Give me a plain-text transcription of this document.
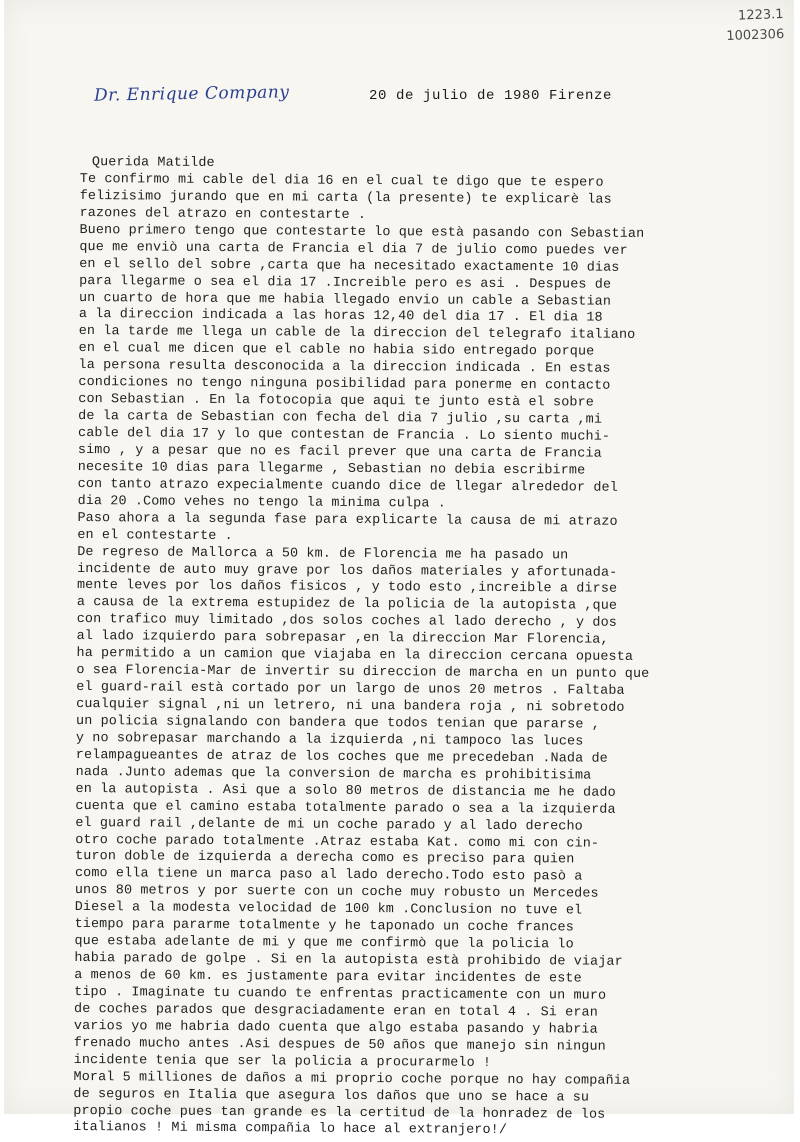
1223.1
1002306
Dr. Enrique Company	20 de julio de 1980 Firenze
Querida Matilde
Te confirmo mi cable del dia 16 en el cual te digo que te espero
felizisimo jurando que en mi carta (la presente) te explicarè las
razones del atrazo en contestarte .
Bueno primero tengo que contestarte lo que està pasando con Sebastian
que me enviò una carta de Francia el dia 7 de julio como puedes ver
en el sello del sobre ,carta que ha necesitado exactamente 10 dias
para llegarme o sea el dia 17 .Increible pero es asi . Despues de
un cuarto de hora que me habia llegado envio un cable a Sebastian
a la direccion indicada a las horas 12,40 del dia 17 . El dia 18
en la tarde me llega un cable de la direccion del telegrafo italiano
en el cual me dicen que el cable no habia sido entregado porque
la persona resulta desconocida a la direccion indicada . En estas
condiciones no tengo ninguna posibilidad para ponerme en contacto
con Sebastian . En la fotocopia que aqui te junto està el sobre
de la carta de Sebastian con fecha del dia 7 julio ,su carta ,mi
cable del dia 17 y lo que contestan de Francia . Lo siento muchi-
simo , y a pesar que no es facil prever que una carta de Francia
necesite 10 dias para llegarme , Sebastian no debia escribirme
con tanto atrazo expecialmente cuando dice de llegar alrededor del
dia 20 .Como vehes no tengo la minima culpa .
Paso ahora a la segunda fase para explicarte la causa de mi atrazo
en el contestarte .
De regreso de Mallorca a 50 km. de Florencia me ha pasado un
incidente de auto muy grave por los daños materiales y afortunada-
mente leves por los daños fisicos , y todo esto ,increible a dirse
a causa de la extrema estupidez de la policia de la autopista ,que
con trafico muy limitado ,dos solos coches al lado derecho , y dos
al lado izquierdo para sobrepasar ,en la direccion Mar Florencia,
ha permitido a un camion que viajaba en la direccion cercana opuesta
o sea Florencia-Mar de invertir su direccion de marcha en un punto que
el guard-rail està cortado por un largo de unos 20 metros . Faltaba
cualquier signal ,ni un letrero, ni una bandera roja , ni sobretodo
un policia signalando con bandera que todos tenian que pararse ,
y no sobrepasar marchando a la izquierda ,ni tampoco las luces
relampagueantes de atraz de los coches que me precedeban .Nada de
nada .Junto ademas que la conversion de marcha es prohibitisima
en la autopista . Asi que a solo 80 metros de distancia me he dado
cuenta que el camino estaba totalmente parado o sea a la izquierda
el guard rail ,delante de mi un coche parado y al lado derecho
otro coche parado totalmente .Atraz estaba Kat. como mi con cin-
turon doble de izquierda a derecha como es preciso para quien
como ella tiene un marca paso al lado derecho.Todo esto pasò a
unos 80 metros y por suerte con un coche muy robusto un Mercedes
Diesel a la modesta velocidad de 100 km .Conclusion no tuve el
tiempo para pararme totalmente y he taponado un coche frances
que estaba adelante de mi y que me confirmò que la policia lo
habia parado de golpe . Si en la autopista està prohibido de viajar
a menos de 60 km. es justamente para evitar incidentes de este
tipo . Imaginate tu cuando te enfrentas practicamente con un muro
de coches parados que desgraciadamente eran en total 4 . Si eran
varios yo me habria dado cuenta que algo estaba pasando y habria
frenado mucho antes .Asi despues de 50 años que manejo sin ningun
incidente tenia que ser la policia a procurarmelo !
Moral 5 milliones de daños a mi proprio coche porque no hay compañia
de seguros en Italia que asegura los daños que uno se hace a su
propio coche pues tan grande es la certitud de la honradez de los
italianos ! Mi misma compañia lo hace al extranjero!/
